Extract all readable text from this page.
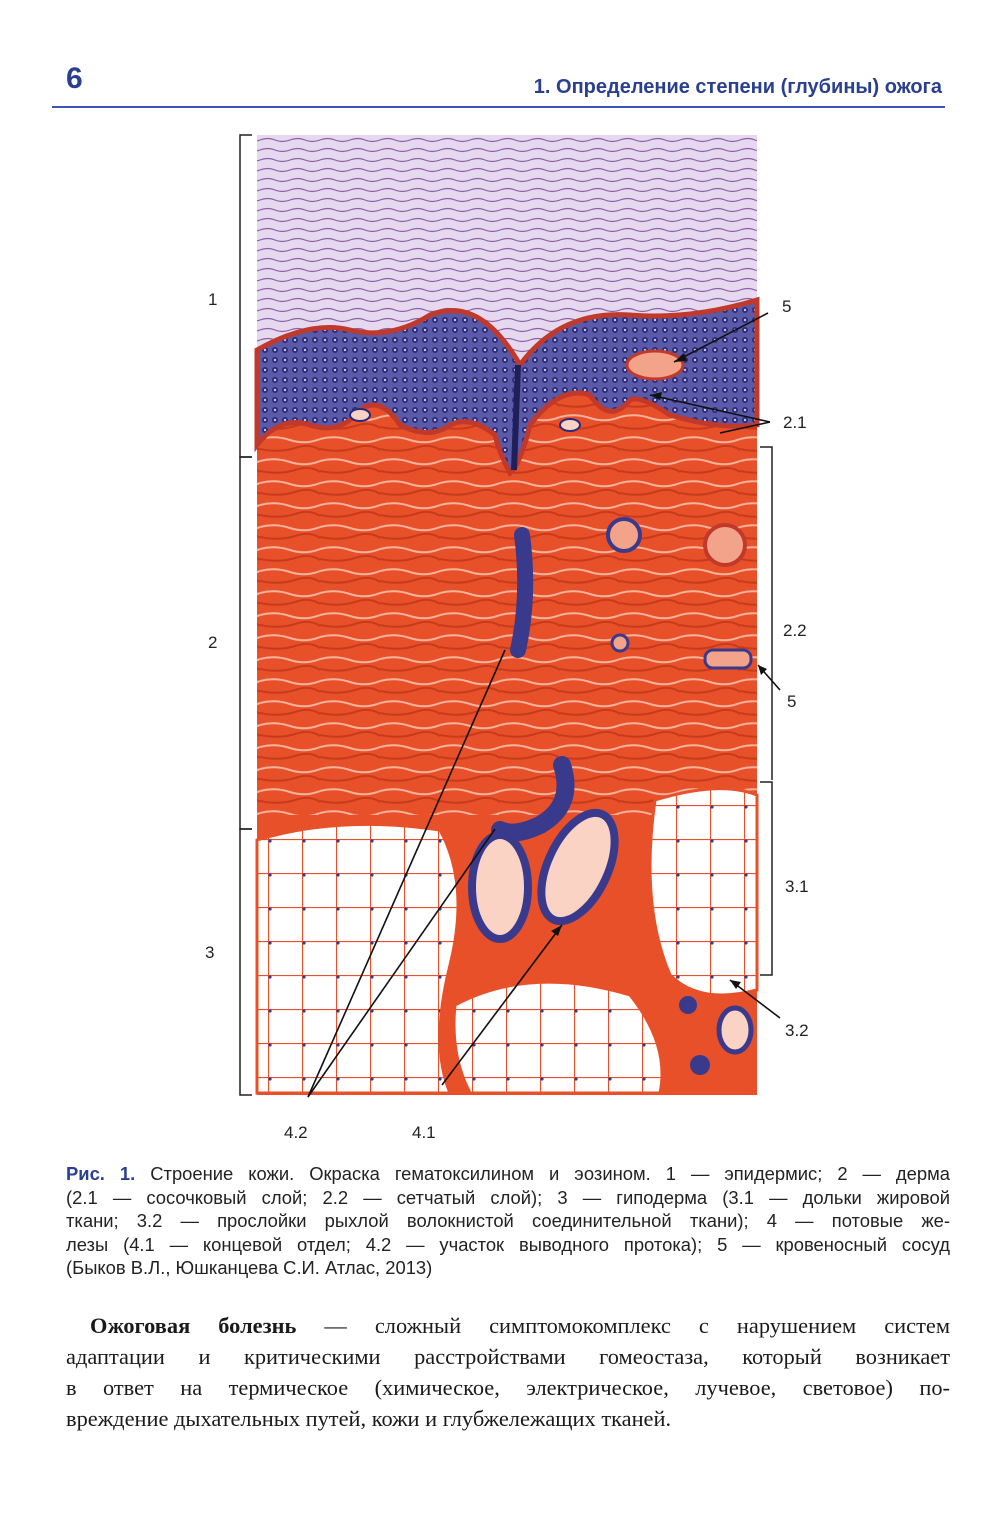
6	1. Определение степени (глубины) ожога
1
2
3
5
2.1
2.2
5
3.1
3.2
4.2	4.1
Рис. 1. Строение кожи. Окраска гематоксилином и эозином. 1 — эпидермис; 2 — дерма
(2.1 — сосочковый слой; 2.2 — сетчатый слой); 3 — гиподерма (3.1 — дольки жировой
ткани; 3.2 — прослойки рыхлой волокнистой соединительной ткани); 4 — потовые же-
лезы (4.1 — концевой отдел; 4.2 — участок выводного протока); 5 — кровеносный сосуд
(Быков В.Л., Юшканцева С.И. Атлас, 2013)
Ожоговая болезнь — сложный симптомокомплекс с нарушением систем
адаптации и критическими расстройствами гомеостаза, который возникает
в ответ на термическое (химическое, электрическое, лучевое, световое) по-
вреждение дыхательных путей, кожи и глубжележащих тканей.
